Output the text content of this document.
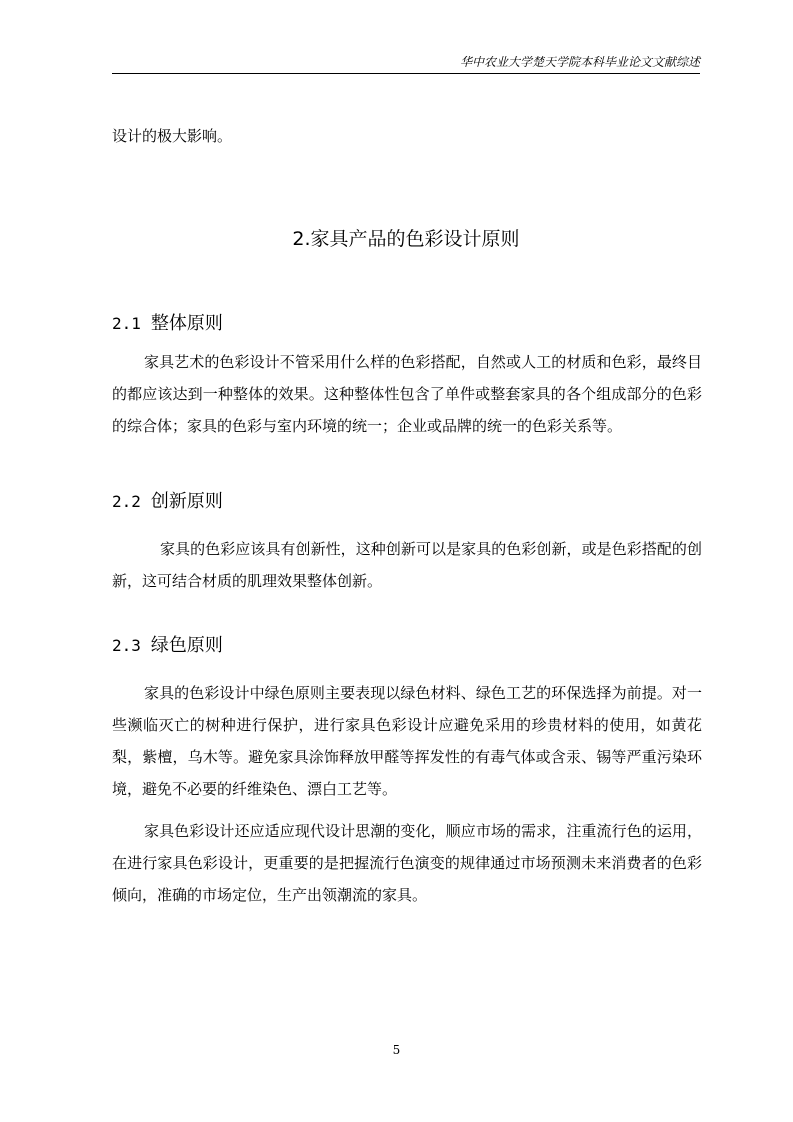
华中农业大学楚天学院本科毕业论文文献综述

设计的极大影响。

2.家具产品的色彩设计原则
2.1 整体原则

家具艺术的色彩设计不管采用什么样的色彩搭配，自然或人工的材质和色彩，最终目的都应该达到一种整体的效果。这种整体性包含了单件或整套家具的各个组成部分的色彩的综合体；家具的色彩与室内环境的统一；企业或品牌的统一的色彩关系等。

2.2 创新原则

家具的色彩应该具有创新性，这种创新可以是家具的色彩创新，或是色彩搭配的创新，这可结合材质的肌理效果整体创新。

2.3 绿色原则

家具的色彩设计中绿色原则主要表现以绿色材料、绿色工艺的环保选择为前提。对一些濒临灭亡的树种进行保护，进行家具色彩设计应避免采用的珍贵材料的使用，如黄花梨，紫檀，乌木等。避免家具涂饰释放甲醛等挥发性的有毒气体或含汞、锡等严重污染环境，避免不必要的纤维染色、漂白工艺等。

家具色彩设计还应适应现代设计思潮的变化，顺应市场的需求，注重流行色的运用，在进行家具色彩设计，更重要的是把握流行色演变的规律通过市场预测未来消费者的色彩倾向，准确的市场定位，生产出领潮流的家具。

5
